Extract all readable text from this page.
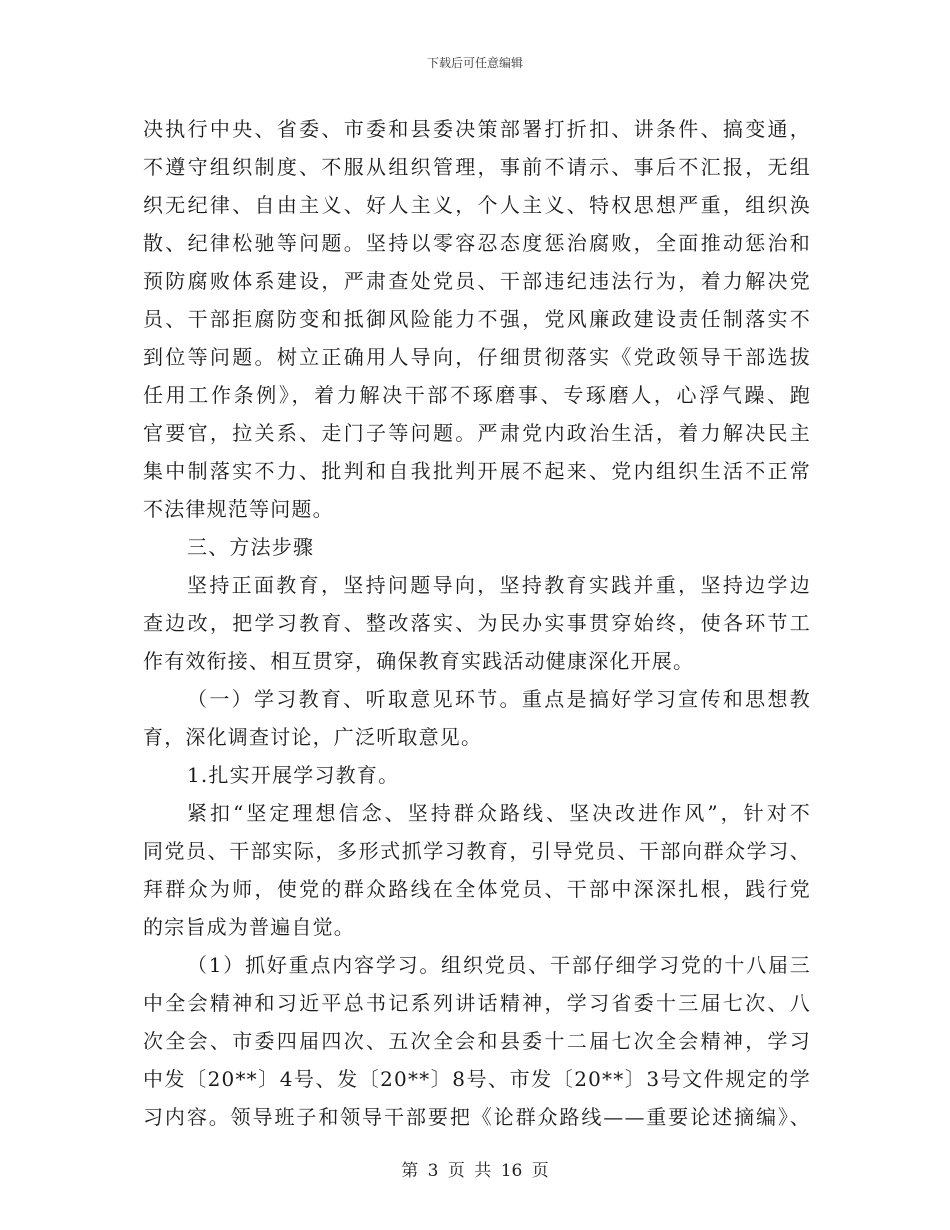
下载后可任意编辑
决执行中央、省委、市委和县委决策部署打折扣、讲条件、搞变通，
不遵守组织制度、不服从组织管理，事前不请示、事后不汇报，无组
织无纪律、自由主义、好人主义，个人主义、特权思想严重，组织涣
散、纪律松驰等问题。坚持以零容忍态度惩治腐败，全面推动惩治和
预防腐败体系建设，严肃查处党员、干部违纪违法行为，着力解决党
员、干部拒腐防变和抵御风险能力不强，党风廉政建设责任制落实不
到位等问题。树立正确用人导向，仔细贯彻落实《党政领导干部选拔
任用工作条例》，着力解决干部不琢磨事、专琢磨人，心浮气躁、跑
官要官，拉关系、走门子等问题。严肃党内政治生活，着力解决民主
集中制落实不力、批判和自我批判开展不起来、党内组织生活不正常
不法律规范等问题。
三、方法步骤
坚持正面教育，坚持问题导向，坚持教育实践并重，坚持边学边
查边改，把学习教育、整改落实、为民办实事贯穿始终，使各环节工
作有效衔接、相互贯穿，确保教育实践活动健康深化开展。
（一）学习教育、听取意见环节。重点是搞好学习宣传和思想教
育，深化调查讨论，广泛听取意见。
1.扎实开展学习教育。
紧扣“坚定理想信念、坚持群众路线、坚决改进作风”，针对不
同党员、干部实际，多形式抓学习教育，引导党员、干部向群众学习、
拜群众为师，使党的群众路线在全体党员、干部中深深扎根，践行党
的宗旨成为普遍自觉。
（1）抓好重点内容学习。组织党员、干部仔细学习党的十八届三
中全会精神和习近平总书记系列讲话精神，学习省委十三届七次、八
次全会、市委四届四次、五次全会和县委十二届七次全会精神，学习
中发〔20**〕4号、发〔20**〕8号、市发〔20**〕3号文件规定的学
习内容。领导班子和领导干部要把《论群众路线——重要论述摘编》、
第 3 页 共 16 页
